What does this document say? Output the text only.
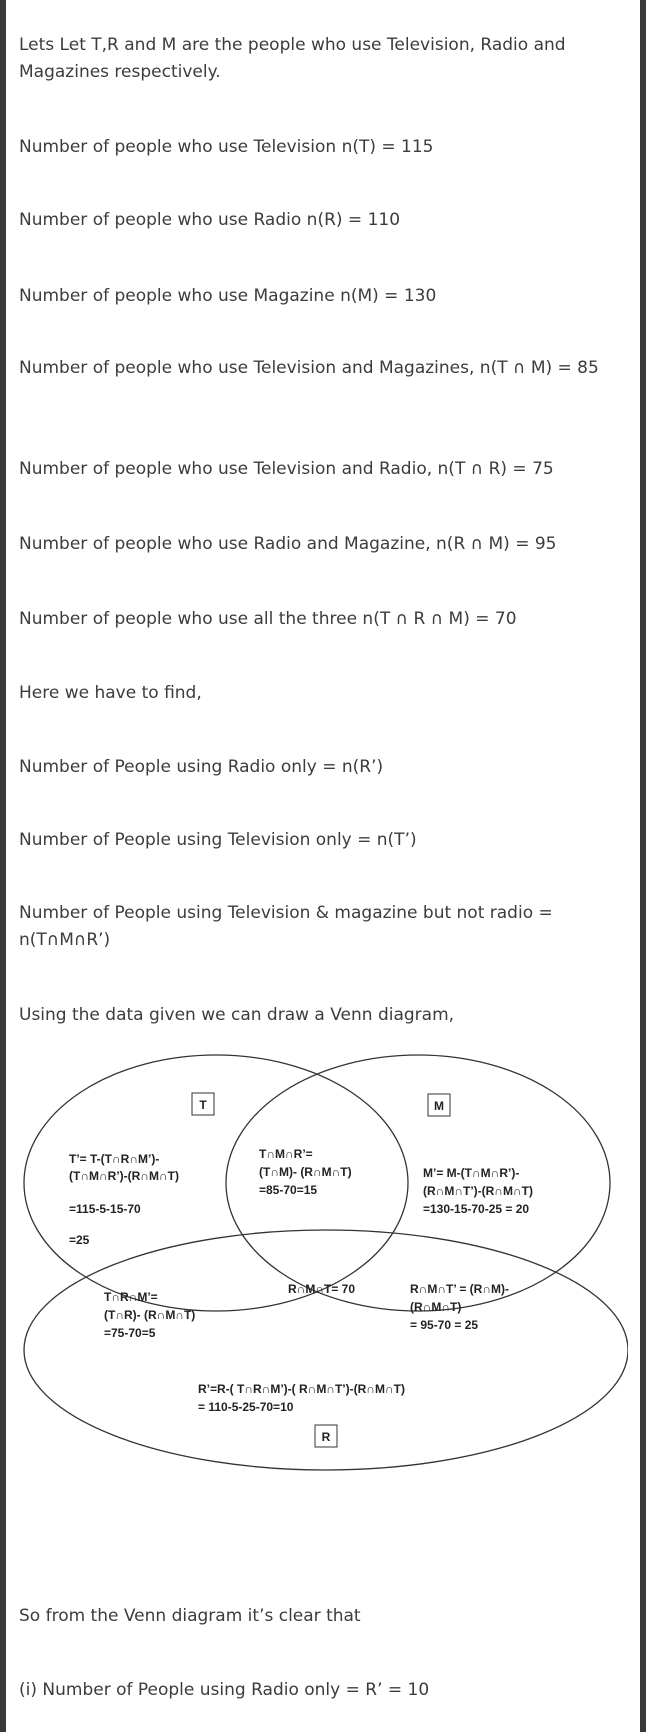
Lets Let T,R and M are the people who use Television, Radio and Magazines respectively.

Number of people who use Television n(T) = 115

Number of people who use Radio n(R) = 110

Number of people who use Magazine n(M) = 130

Number of people who use Television and Magazines, n(T ∩ M) = 85

Number of people who use Television and Radio, n(T ∩ R) = 75

Number of people who use Radio and Magazine, n(R ∩ M) = 95

Number of people who use all the three n(T ∩ R ∩ M) = 70

Here we have to find,

Number of People using Radio only = n(R’)

Number of People using Television only = n(T’)

Number of People using Television & magazine but not radio = n(T∩M∩R’)

Using the data given we can draw a Venn diagram,

T	M
R
T’= T-(T∩R∩M’)-
(T∩M∩R’)-(R∩M∩T)
=115-5-15-70
=25
T∩M∩R’=
(T∩M)- (R∩M∩T)
=85-70=15
M’= M-(T∩M∩R’)-
(R∩M∩T’)-(R∩M∩T)
=130-15-70-25 = 20
R∩M∩T= 70
T∩R∩M’=
(T∩R)- (R∩M∩T)
=75-70=5
R∩M∩T’ = (R∩M)-
(R∩M∩T)
= 95-70 = 25
R’=R-( T∩R∩M’)-( R∩M∩T’)-(R∩M∩T)
= 110-5-25-70=10

So from the Venn diagram it’s clear that

(i) Number of People using Radio only = R’ = 10
